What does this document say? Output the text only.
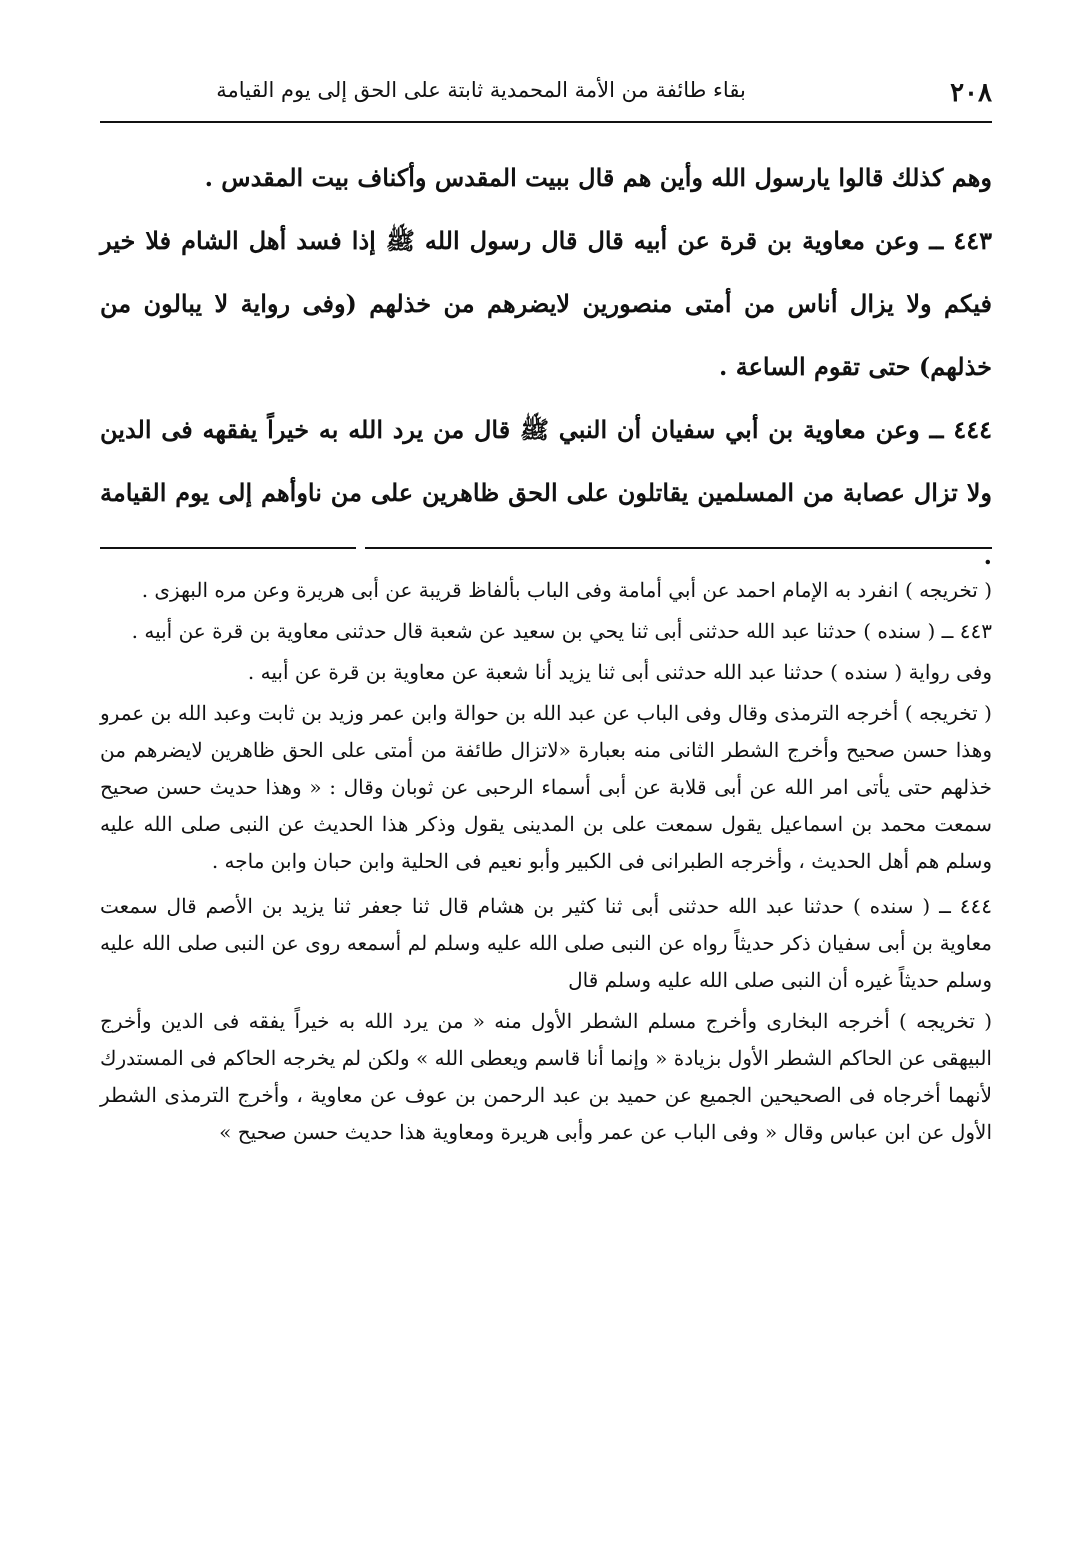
٢٠٨
بقاء طائفة من الأمة المحمدية ثابتة على الحق إلى يوم القيامة

وهم كذلك قالوا يارسول الله وأين هم قال ببيت المقدس وأكناف بيت المقدس .

٤٤٣ ــ وعن معاوية بن قرة عن أبيه قال قال رسول الله ﷺ إذا فسد أهل الشام فلا خير فيكم ولا يزال أناس من أمتى منصورين لايضرهم من خذلهم (وفى رواية لا يبالون من خذلهم) حتى تقوم الساعة .

٤٤٤ ــ وعن معاوية بن أبي سفيان أن النبي ﷺ قال من يرد الله به خيراً يفقهه فى الدين ولا تزال عصابة من المسلمين يقاتلون على الحق ظاهرين على من ناوأهم إلى يوم القيامة .

( تخريجه ) انفرد به الإمام احمد عن أبي أمامة وفى الباب بألفاظ قريبة عن أبى هريرة وعن مره البهزى .

٤٤٣ ــ ( سنده ) حدثنا عبد الله حدثنى أبى ثنا يحي بن سعيد عن شعبة قال حدثنى معاوية بن قرة عن أبيه .

وفى رواية ( سنده ) حدثنا عبد الله حدثنى أبى ثنا يزيد أنا شعبة عن معاوية بن قرة عن أبيه .

( تخريجه ) أخرجه الترمذى وقال وفى الباب عن عبد الله بن حوالة وابن عمر وزيد بن ثابت وعبد الله بن عمرو وهذا حسن صحيح وأخرج الشطر الثانى منه بعبارة «لاتزال طائفة من أمتى على الحق ظاهرين لايضرهم من خذلهم حتى يأتى امر الله عن أبى قلابة عن أبى أسماء الرحبى عن ثوبان وقال : « وهذا حديث حسن صحيح سمعت محمد بن اسماعيل يقول سمعت على بن المدينى يقول وذكر هذا الحديث عن النبى صلى الله عليه وسلم هم أهل الحديث ، وأخرجه الطبرانى فى الكبير وأبو نعيم فى الحلية وابن حبان وابن ماجه .

٤٤٤ ــ ( سنده ) حدثنا عبد الله حدثنى أبى ثنا كثير بن هشام قال ثنا جعفر ثنا يزيد بن الأصم قال سمعت معاوية بن أبى سفيان ذكر حديثاً رواه عن النبى صلى الله عليه وسلم لم أسمعه روى عن النبى صلى الله عليه وسلم حديثاً غيره أن النبى صلى الله عليه وسلم قال

( تخريجه ) أخرجه البخارى وأخرج مسلم الشطر الأول منه « من يرد الله به خيراً يفقه فى الدين وأخرج البيهقى عن الحاكم الشطر الأول بزيادة « وإنما أنا قاسم ويعطى الله » ولكن لم يخرجه الحاكم فى المستدرك لأنهما أخرجاه فى الصحيحين الجميع عن حميد بن عبد الرحمن بن عوف عن معاوية ، وأخرج الترمذى الشطر الأول عن ابن عباس وقال « وفى الباب عن عمر وأبى هريرة ومعاوية هذا حديث حسن صحيح »
